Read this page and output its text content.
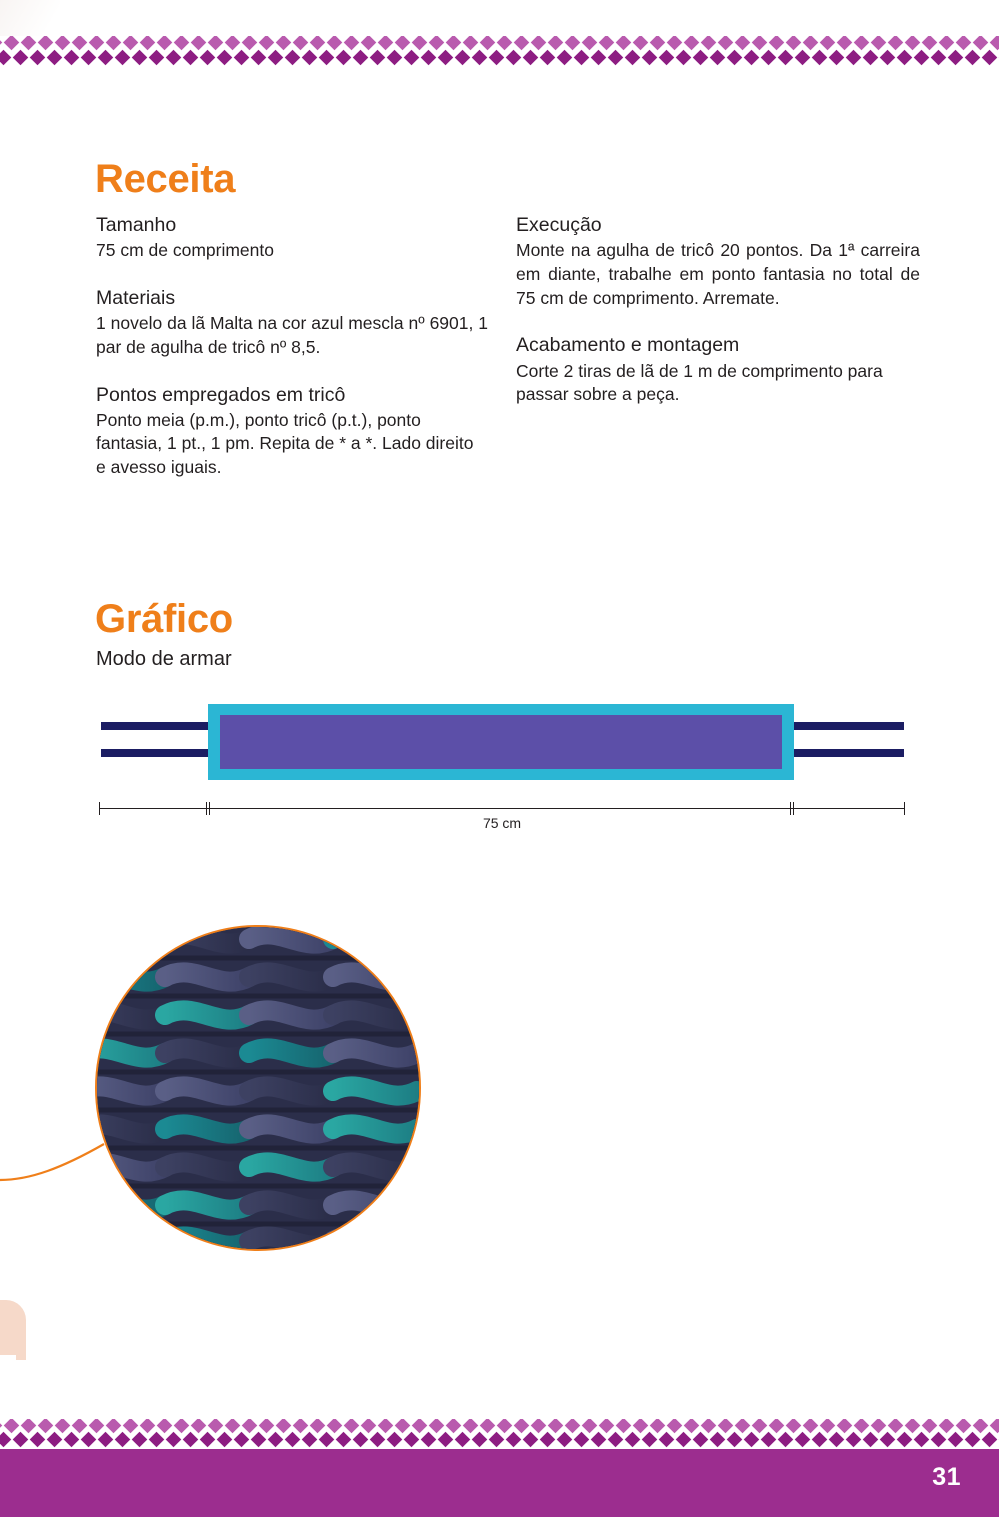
Receita
Tamanho

75 cm de comprimento

Materiais

1 novelo da lã Malta na cor azul mescla nº 6901, 1 par de agulha de tricô nº 8,5.

Pontos empregados em tricô

Ponto meia (p.m.), ponto tricô (p.t.), ponto fantasia, 1 pt., 1 pm. Repita de * a *. Lado direito e avesso iguais.

Execução

Monte na agulha de tricô 20 pontos. Da 1ª carreira em diante, trabalhe em ponto fantasia no total de 75 cm de comprimento. Arremate.

Acabamento e montagem

Corte 2 tiras de lã de 1 m de comprimento para passar sobre a peça.

Gráfico
Modo de armar
75 cm
31
